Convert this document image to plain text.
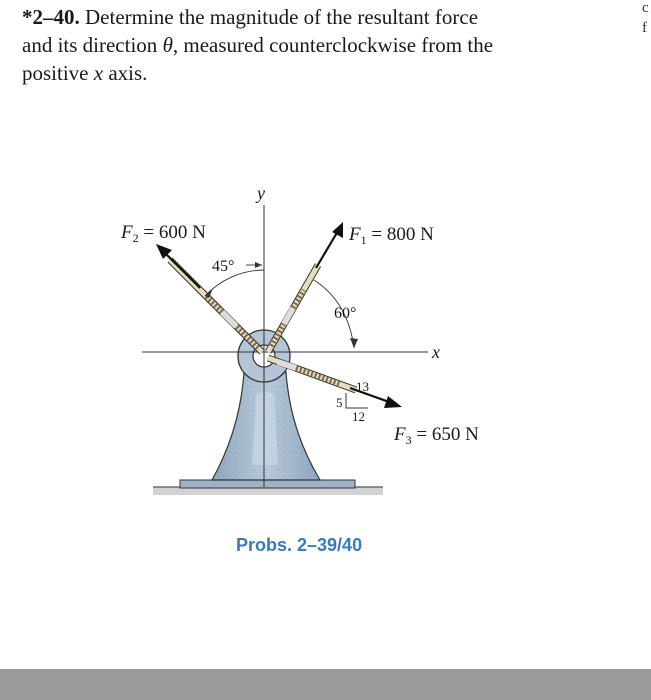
*2–40. Determine the magnitude of the resultant force
and its direction θ, measured counterclockwise from the
positive x axis.
c
f
y
x
45°
60°
13
5
12
$F_2 = 600$ N	$F_1 = 800$ N
$F_3 = 650$ N
Probs. 2–39/40
